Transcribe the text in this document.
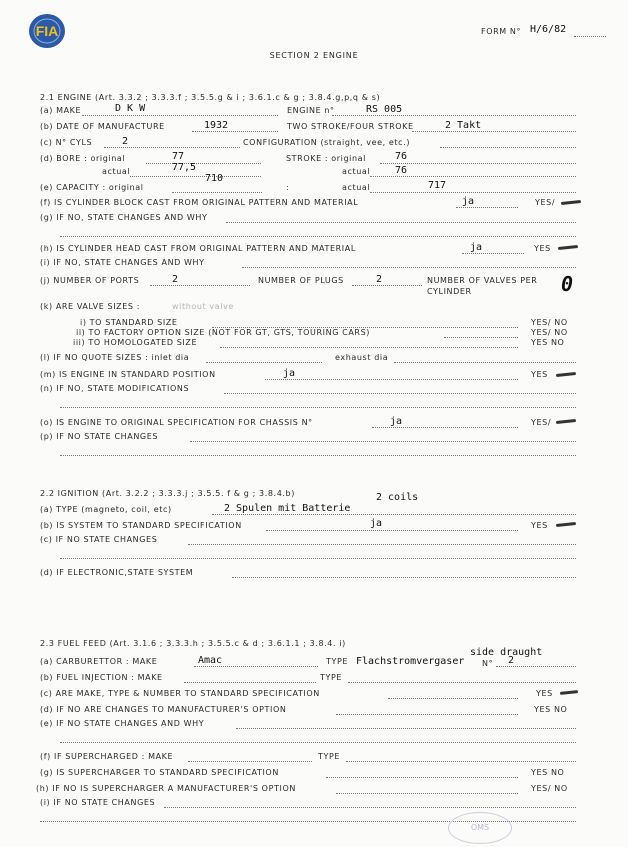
FIA	FORM N° H/6/82
SECTION 2 ENGINE
2.1 ENGINE (Art. 3.3.2 ; 3.3.3.f ; 3.5.5.g & i ; 3.6.1.c & g ; 3.8.4.g,p,q & s)
(a) MAKE	D K W	ENGINE n°	RS 005
(b) DATE OF MANUFACTURE	1932	TWO STROKE/FOUR STROKE	2 Takt
(c) N° CYLS	2	CONFIGURATION (straight, vee, etc.)
(d) BORE : original	77	STROKE : original	76
actual	77,5	actual 76
710
(e) CAPACITY : original	:	actual	717
(f) IS CYLINDER BLOCK CAST FROM ORIGINAL PATTERN AND MATERIAL	ja	YES/
(g) IF NO, STATE CHANGES AND WHY
(h) IS CYLINDER HEAD CAST FROM ORIGINAL PATTERN AND MATERIAL	ja	YES
(i) IF NO, STATE CHANGES AND WHY
(j) NUMBER OF PORTS	2	NUMBER OF PLUGS	2	NUMBER OF VALVES PER
CYLINDER	0
(k) ARE VALVE SIZES :	without valve
i) TO STANDARD SIZE	YES/ NO
ii) TO FACTORY OPTION SIZE (NOT FOR GT, GTS, TOURING CARS)	YES/ NO
iii) TO HOMOLOGATED SIZE	YES NO
(l) IF NO QUOTE SIZES : inlet dia	exhaust dia
(m) IS ENGINE IN STANDARD POSITION	ja	YES
(n) IF NO, STATE MODIFICATIONS
(o) IS ENGINE TO ORIGINAL SPECIFICATION FOR CHASSIS N°	ja	YES/
(p) IF NO STATE CHANGES
2.2 IGNITION (Art. 3.2.2 ; 3.3.3.j ; 3.5.5. f & g ; 3.8.4.b)	2 coils
(a) TYPE (magneto, coil, etc)	2 Spulen mit Batterie
(b) IS SYSTEM TO STANDARD SPECIFICATION	ja	YES
(c) IF NO STATE CHANGES
(d) IF ELECTRONIC,STATE SYSTEM
2.3 FUEL FEED (Art. 3.1.6 ; 3.3.3.h ; 3.5.5.c & d ; 3.6.1.1 ; 3.8.4. i)
side draught
(a) CARBURETTOR : MAKE	Amac	TYPE Flachstromvergaser N° 2
(b) FUEL INJECTION : MAKE	TYPE
(c) ARE MAKE, TYPE & NUMBER TO STANDARD SPECIFICATION	YES
(d) IF NO ARE CHANGES TO MANUFACTURER'S OPTION	YES NO
(e) IF NO STATE CHANGES AND WHY
(f) IF SUPERCHARGED : MAKE	TYPE
(g) IS SUPERCHARGER TO STANDARD SPECIFICATION	YES NO
(h) IF NO IS SUPERCHARGER A MANUFACTURER'S OPTION	YES/ NO
(i) IF NO STATE CHANGES
OMS
